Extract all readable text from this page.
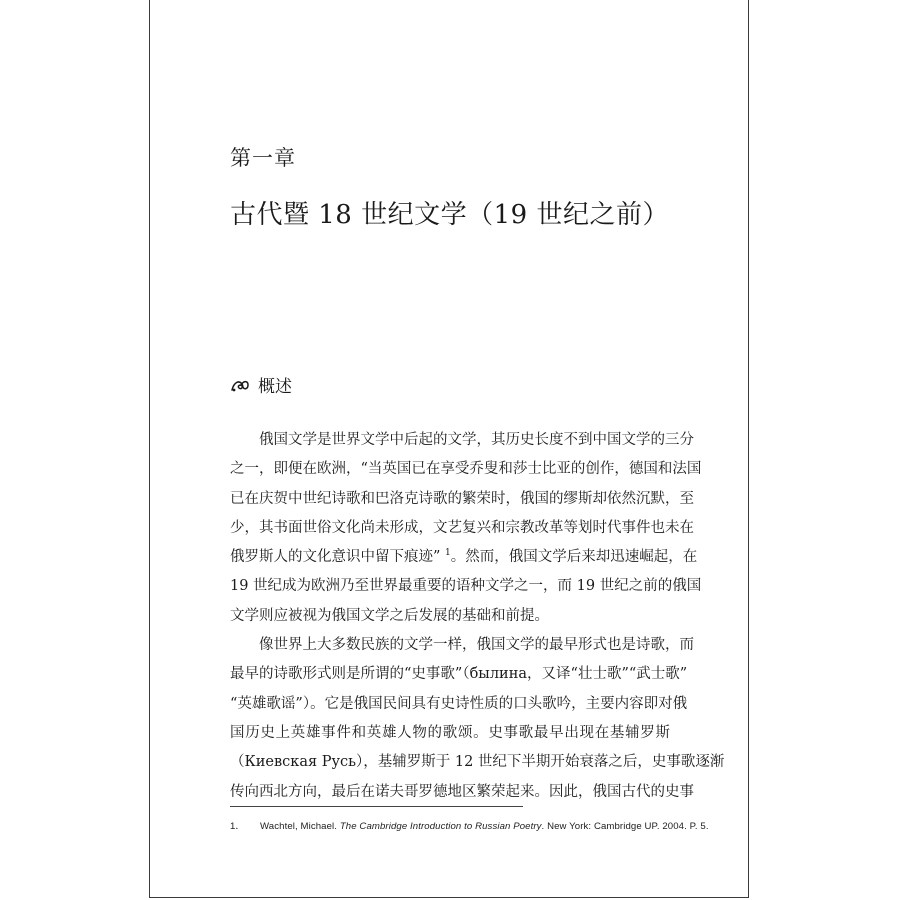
第一章
古代暨 18 世纪文学（19 世纪之前）
概述
俄国文学是世界文学中后起的文学，其历史长度不到中国文学的三分
之一，即便在欧洲，“当英国已在享受乔叟和莎士比亚的创作，德国和法国
已在庆贺中世纪诗歌和巴洛克诗歌的繁荣时，俄国的缪斯却依然沉默，至
少，其书面世俗文化尚未形成，文艺复兴和宗教改革等划时代事件也未在
俄罗斯人的文化意识中留下痕迹” $^1$。然而，俄国文学后来却迅速崛起，在
19 世纪成为欧洲乃至世界最重要的语种文学之一，而 19 世纪之前的俄国
文学则应被视为俄国文学之后发展的基础和前提。
像世界上大多数民族的文学一样，俄国文学的最早形式也是诗歌，而
最早的诗歌形式则是所谓的“史事歌”（былина，又译“壮士歌”“武士歌”
“英雄歌谣”）。它是俄国民间具有史诗性质的口头歌吟，主要内容即对俄
国历史上英雄事件和英雄人物的歌颂。史事歌最早出现在基辅罗斯
（Киевская Русь），基辅罗斯于 12 世纪下半期开始衰落之后，史事歌逐渐
传向西北方向，最后在诺夫哥罗德地区繁荣起来。因此，俄国古代的史事
1． Wachtel, Michael. The Cambridge Introduction to Russian Poetry. New York: Cambridge UP. 2004. P. 5.
